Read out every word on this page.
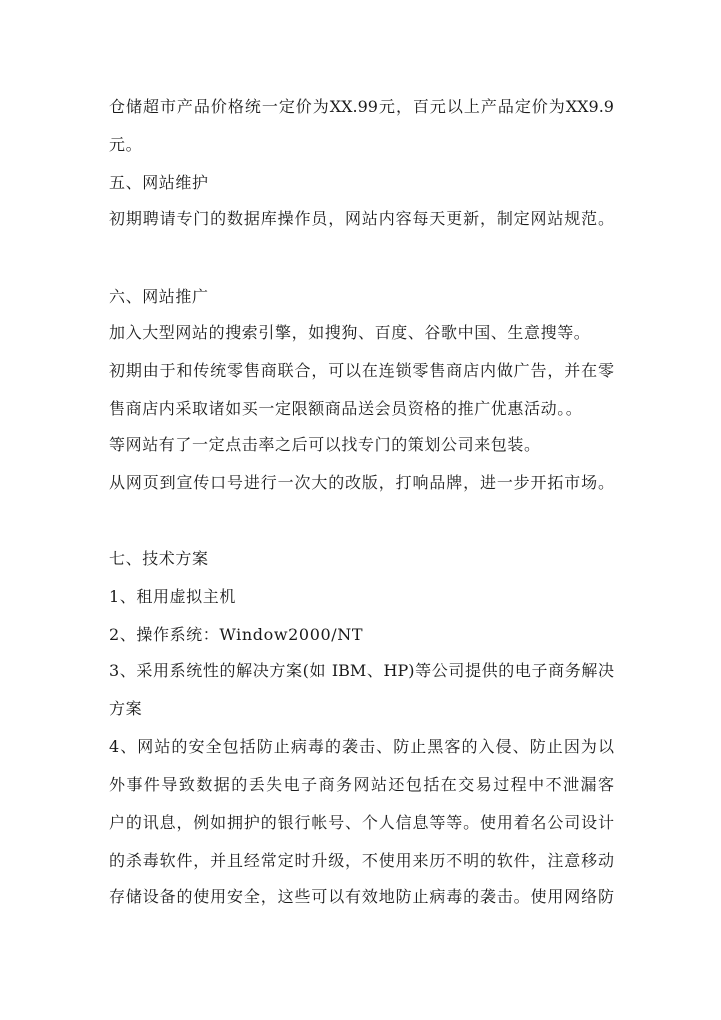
仓储超市产品价格统一定价为XX.99元，百元以上产品定价为XX9.9
元。
五、网站维护
初期聘请专门的数据库操作员，网站内容每天更新，制定网站规范。
六、网站推广
加入大型网站的搜索引擎，如搜狗、百度、谷歌中国、生意搜等。
初期由于和传统零售商联合，可以在连锁零售商店内做广告，并在零
售商店内采取诸如买一定限额商品送会员资格的推广优惠活动。。
等网站有了一定点击率之后可以找专门的策划公司来包装。
从网页到宣传口号进行一次大的改版，打响品牌，进一步开拓市场。
七、技术方案
1、租用虚拟主机
2、操作系统：Window2000/NT
3、采用系统性的解决方案(如 IBM、HP)等公司提供的电子商务解决
方案
4、网站的安全包括防止病毒的袭击、防止黑客的入侵、防止因为以
外事件导致数据的丢失电子商务网站还包括在交易过程中不泄漏客
户的讯息，例如拥护的银行帐号、个人信息等等。使用着名公司设计
的杀毒软件，并且经常定时升级，不使用来历不明的软件，注意移动
存储设备的使用安全，这些可以有效地防止病毒的袭击。使用网络防
